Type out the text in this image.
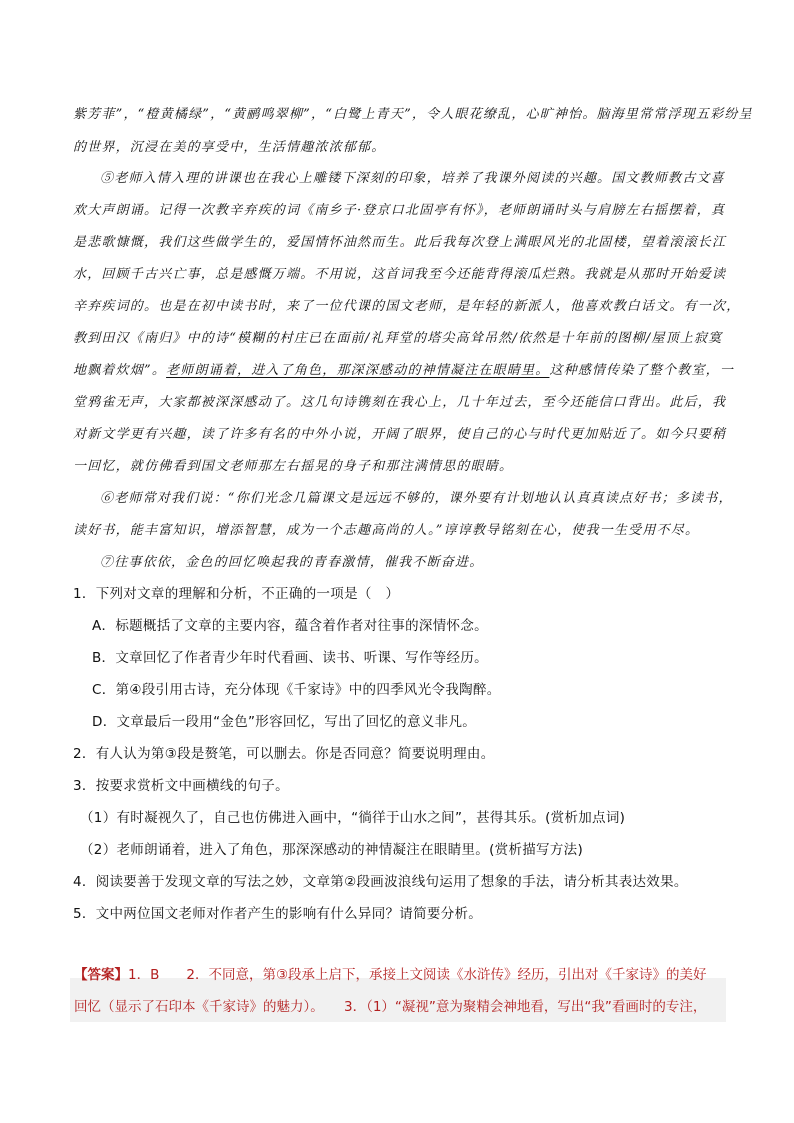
紫芳菲”，“橙黄橘绿”，“黄鹂鸣翠柳”，“白鹭上青天”，令人眼花缭乱，心旷神怡。脑海里常常浮现五彩纷呈
的世界，沉浸在美的享受中，生活情趣浓浓郁郁。
⑤老师入情入理的讲课也在我心上雕镂下深刻的印象，培养了我课外阅读的兴趣。国文教师教古文喜
欢大声朗诵。记得一次教辛弃疾的词《南乡子·登京口北固亭有怀》，老师朗诵时头与肩膀左右摇摆着，真
是悲歌慷慨，我们这些做学生的，爱国情怀油然而生。此后我每次登上满眼风光的北固楼，望着滚滚长江
水，回顾千古兴亡事，总是感慨万端。不用说，这首词我至今还能背得滚瓜烂熟。我就是从那时开始爱读
辛弃疾词的。也是在初中读书时，来了一位代课的国文老师，是年轻的新派人，他喜欢教白话文。有一次，
教到田汉《南归》中的诗“模糊的村庄已在面前/礼拜堂的塔尖高耸吊然/依然是十年前的图柳/屋顶上寂寞
地飘着炊烟”。老师朗诵着，进入了角色，那深深感动的神情凝注在眼睛里。这种感情传染了整个教室，一
堂鸦雀无声，大家都被深深感动了。这几句诗镌刻在我心上，几十年过去，至今还能信口背出。此后，我
对新文学更有兴趣，读了许多有名的中外小说，开阔了眼界，使自己的心与时代更加贴近了。如今只要稍
一回忆，就仿佛看到国文老师那左右摇晃的身子和那注满情思的眼睛。
⑥老师常对我们说：“你们光念几篇课文是远远不够的，课外要有计划地认认真真读点好书；多读书，
读好书，能丰富知识，增添智慧，成为一个志趣高尚的人。”谆谆教导铭刻在心，使我一生受用不尽。
⑦往事依依，金色的回忆唤起我的青春激情，催我不断奋进。
1．下列对文章的理解和分析，不正确的一项是（　）
A．标题概括了文章的主要内容，蕴含着作者对往事的深情怀念。
B．文章回忆了作者青少年时代看画、读书、听课、写作等经历。
C．第④段引用古诗，充分体现《千家诗》中的四季风光令我陶醉。
D．文章最后一段用“金色”形容回忆，写出了回忆的意义非凡。
2．有人认为第③段是赘笔，可以删去。你是否同意？简要说明理由。
3．按要求赏析文中画横线的句子。
（1）有时凝视久了，自己也仿佛进入画中，“徜徉于山水之间”，甚得其乐。(赏析加点词)
（2）老师朗诵着，进入了角色，那深深感动的神情凝注在眼睛里。(赏析描写方法)
4．阅读要善于发现文章的写法之妙，文章第②段画波浪线句运用了想象的手法，请分析其表达效果。
5．文中两位国文老师对作者产生的影响有什么异同？请简要分析。
【答案】1．B　　2．不同意，第③段承上启下，承接上文阅读《水浒传》经历，引出对《千家诗》的美好
回忆（显示了石印本《千家诗》的魅力）。　　3．（1）“凝视”意为聚精会神地看，写出“我”看画时的专注，
